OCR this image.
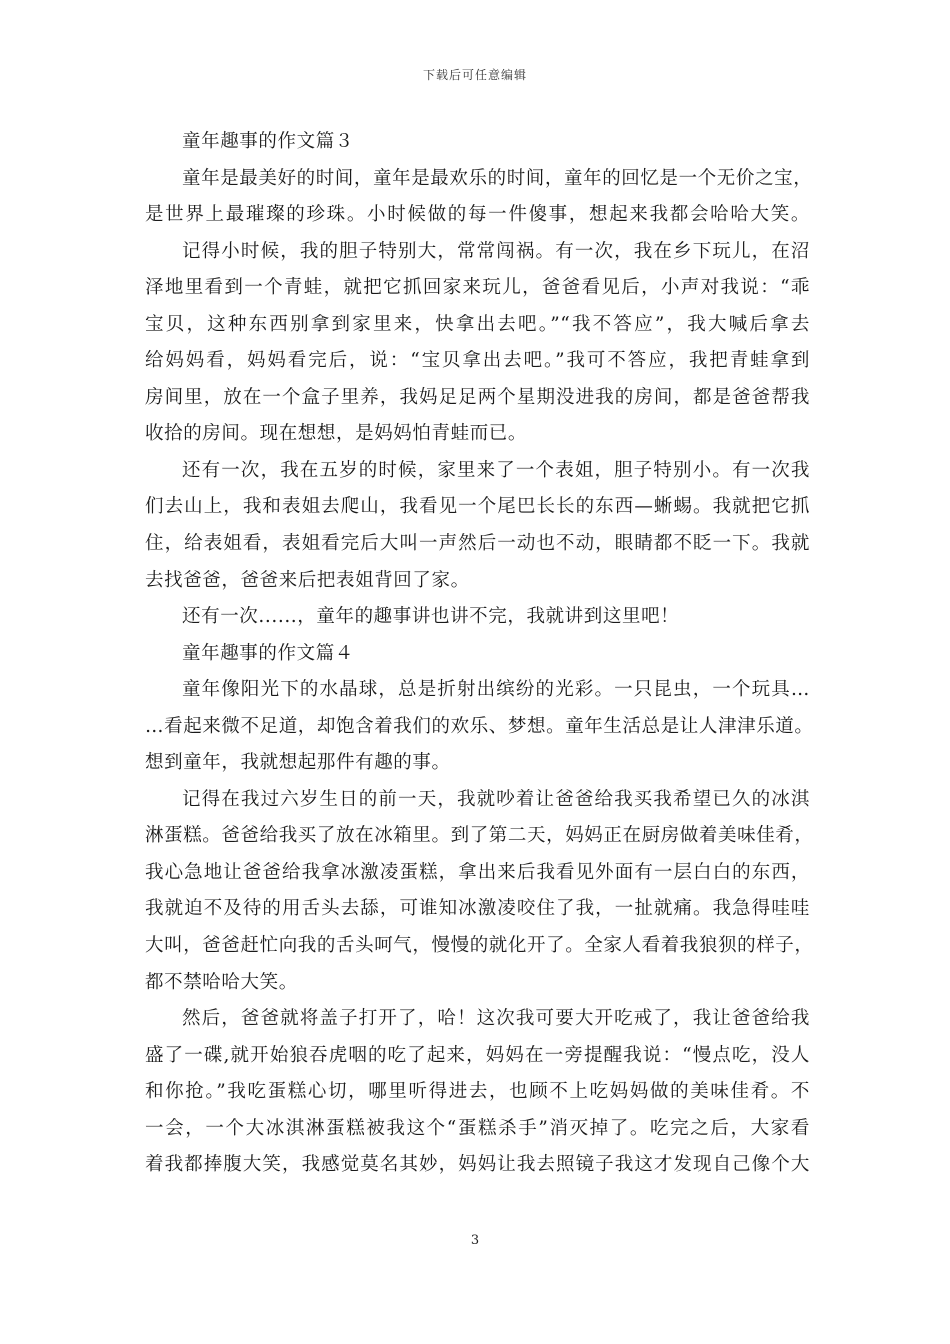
下载后可任意编辑
童年趣事的作文篇３
童年是最美好的时间，童年是最欢乐的时间，童年的回忆是一个无价之宝，
是世界上最璀璨的珍珠。小时候做的每一件傻事，想起来我都会哈哈大笑。
记得小时候，我的胆子特别大，常常闯祸。有一次，我在乡下玩儿，在沼
泽地里看到一个青蛙，就把它抓回家来玩儿，爸爸看见后，小声对我说：“乖
宝贝，这种东西别拿到家里来，快拿出去吧。”“我不答应”，我大喊后拿去
给妈妈看，妈妈看完后，说：“宝贝拿出去吧。”我可不答应，我把青蛙拿到
房间里，放在一个盒子里养，我妈足足两个星期没进我的房间，都是爸爸帮我
收拾的房间。现在想想，是妈妈怕青蛙而已。
还有一次，我在五岁的时候，家里来了一个表姐，胆子特别小。有一次我
们去山上，我和表姐去爬山，我看见一个尾巴长长的东西—蜥蜴。我就把它抓
住，给表姐看，表姐看完后大叫一声然后一动也不动，眼睛都不眨一下。我就
去找爸爸，爸爸来后把表姐背回了家。
还有一次......，童年的趣事讲也讲不完，我就讲到这里吧！
童年趣事的作文篇４
童年像阳光下的水晶球，总是折射出缤纷的光彩。一只昆虫，一个玩具…
…看起来微不足道，却饱含着我们的欢乐、梦想。童年生活总是让人津津乐道。
想到童年，我就想起那件有趣的事。
记得在我过六岁生日的前一天，我就吵着让爸爸给我买我希望已久的冰淇
淋蛋糕。爸爸给我买了放在冰箱里。到了第二天，妈妈正在厨房做着美味佳肴，
我心急地让爸爸给我拿冰激凌蛋糕，拿出来后我看见外面有一层白白的东西，
我就迫不及待的用舌头去舔，可谁知冰激凌咬住了我，一扯就痛。我急得哇哇
大叫，爸爸赶忙向我的舌头呵气，慢慢的就化开了。全家人看着我狼狈的样子，
都不禁哈哈大笑。
然后，爸爸就将盖子打开了，哈！这次我可要大开吃戒了，我让爸爸给我
盛了一碟,就开始狼吞虎咽的吃了起来，妈妈在一旁提醒我说：“慢点吃，没人
和你抢。”我吃蛋糕心切，哪里听得进去，也顾不上吃妈妈做的美味佳肴。不
一会，一个大冰淇淋蛋糕被我这个“蛋糕杀手”消灭掉了。吃完之后，大家看
着我都捧腹大笑，我感觉莫名其妙，妈妈让我去照镜子我这才发现自己像个大
3
